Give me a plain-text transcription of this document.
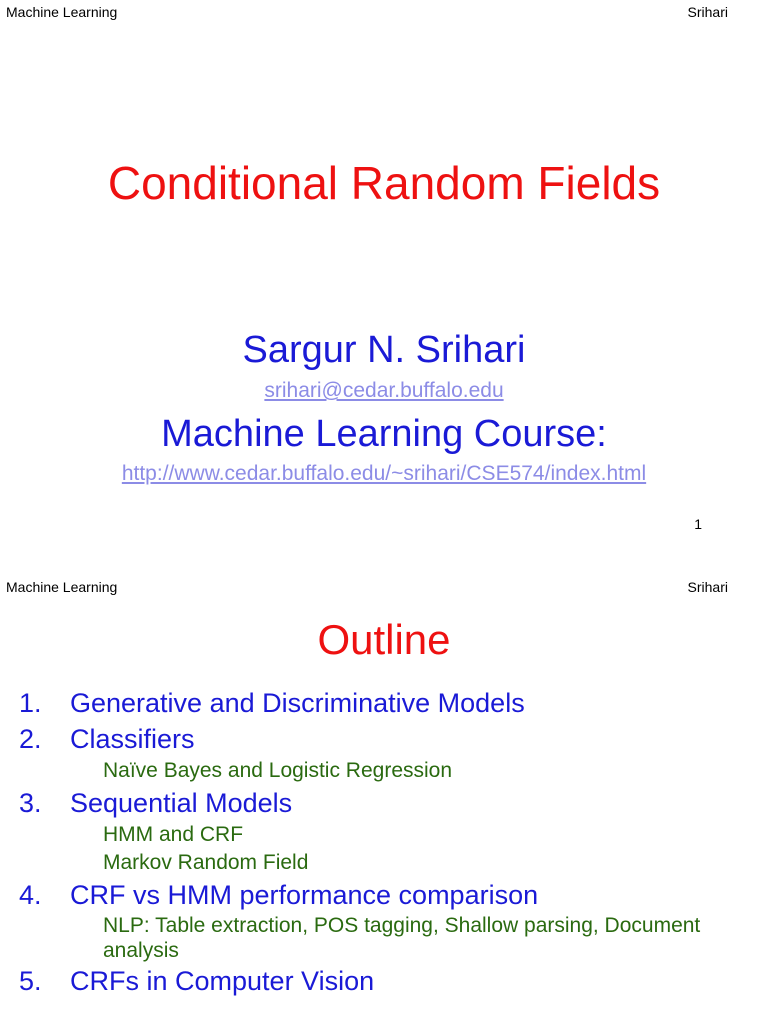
Machine Learning	Srihari
Conditional Random Fields
Sargur N. Srihari
srihari@cedar.buffalo.edu
Machine Learning Course:
http://www.cedar.buffalo.edu/~srihari/CSE574/index.html
1
Machine Learning	Srihari
Outline
1.	Generative and Discriminative Models
2.	Classifiers
Naïve Bayes and Logistic Regression
3.	Sequential Models
HMM and CRF
Markov Random Field
4.	CRF vs HMM performance comparison
NLP: Table extraction, POS tagging, Shallow parsing, Document analysis
5.	CRFs in Computer Vision
